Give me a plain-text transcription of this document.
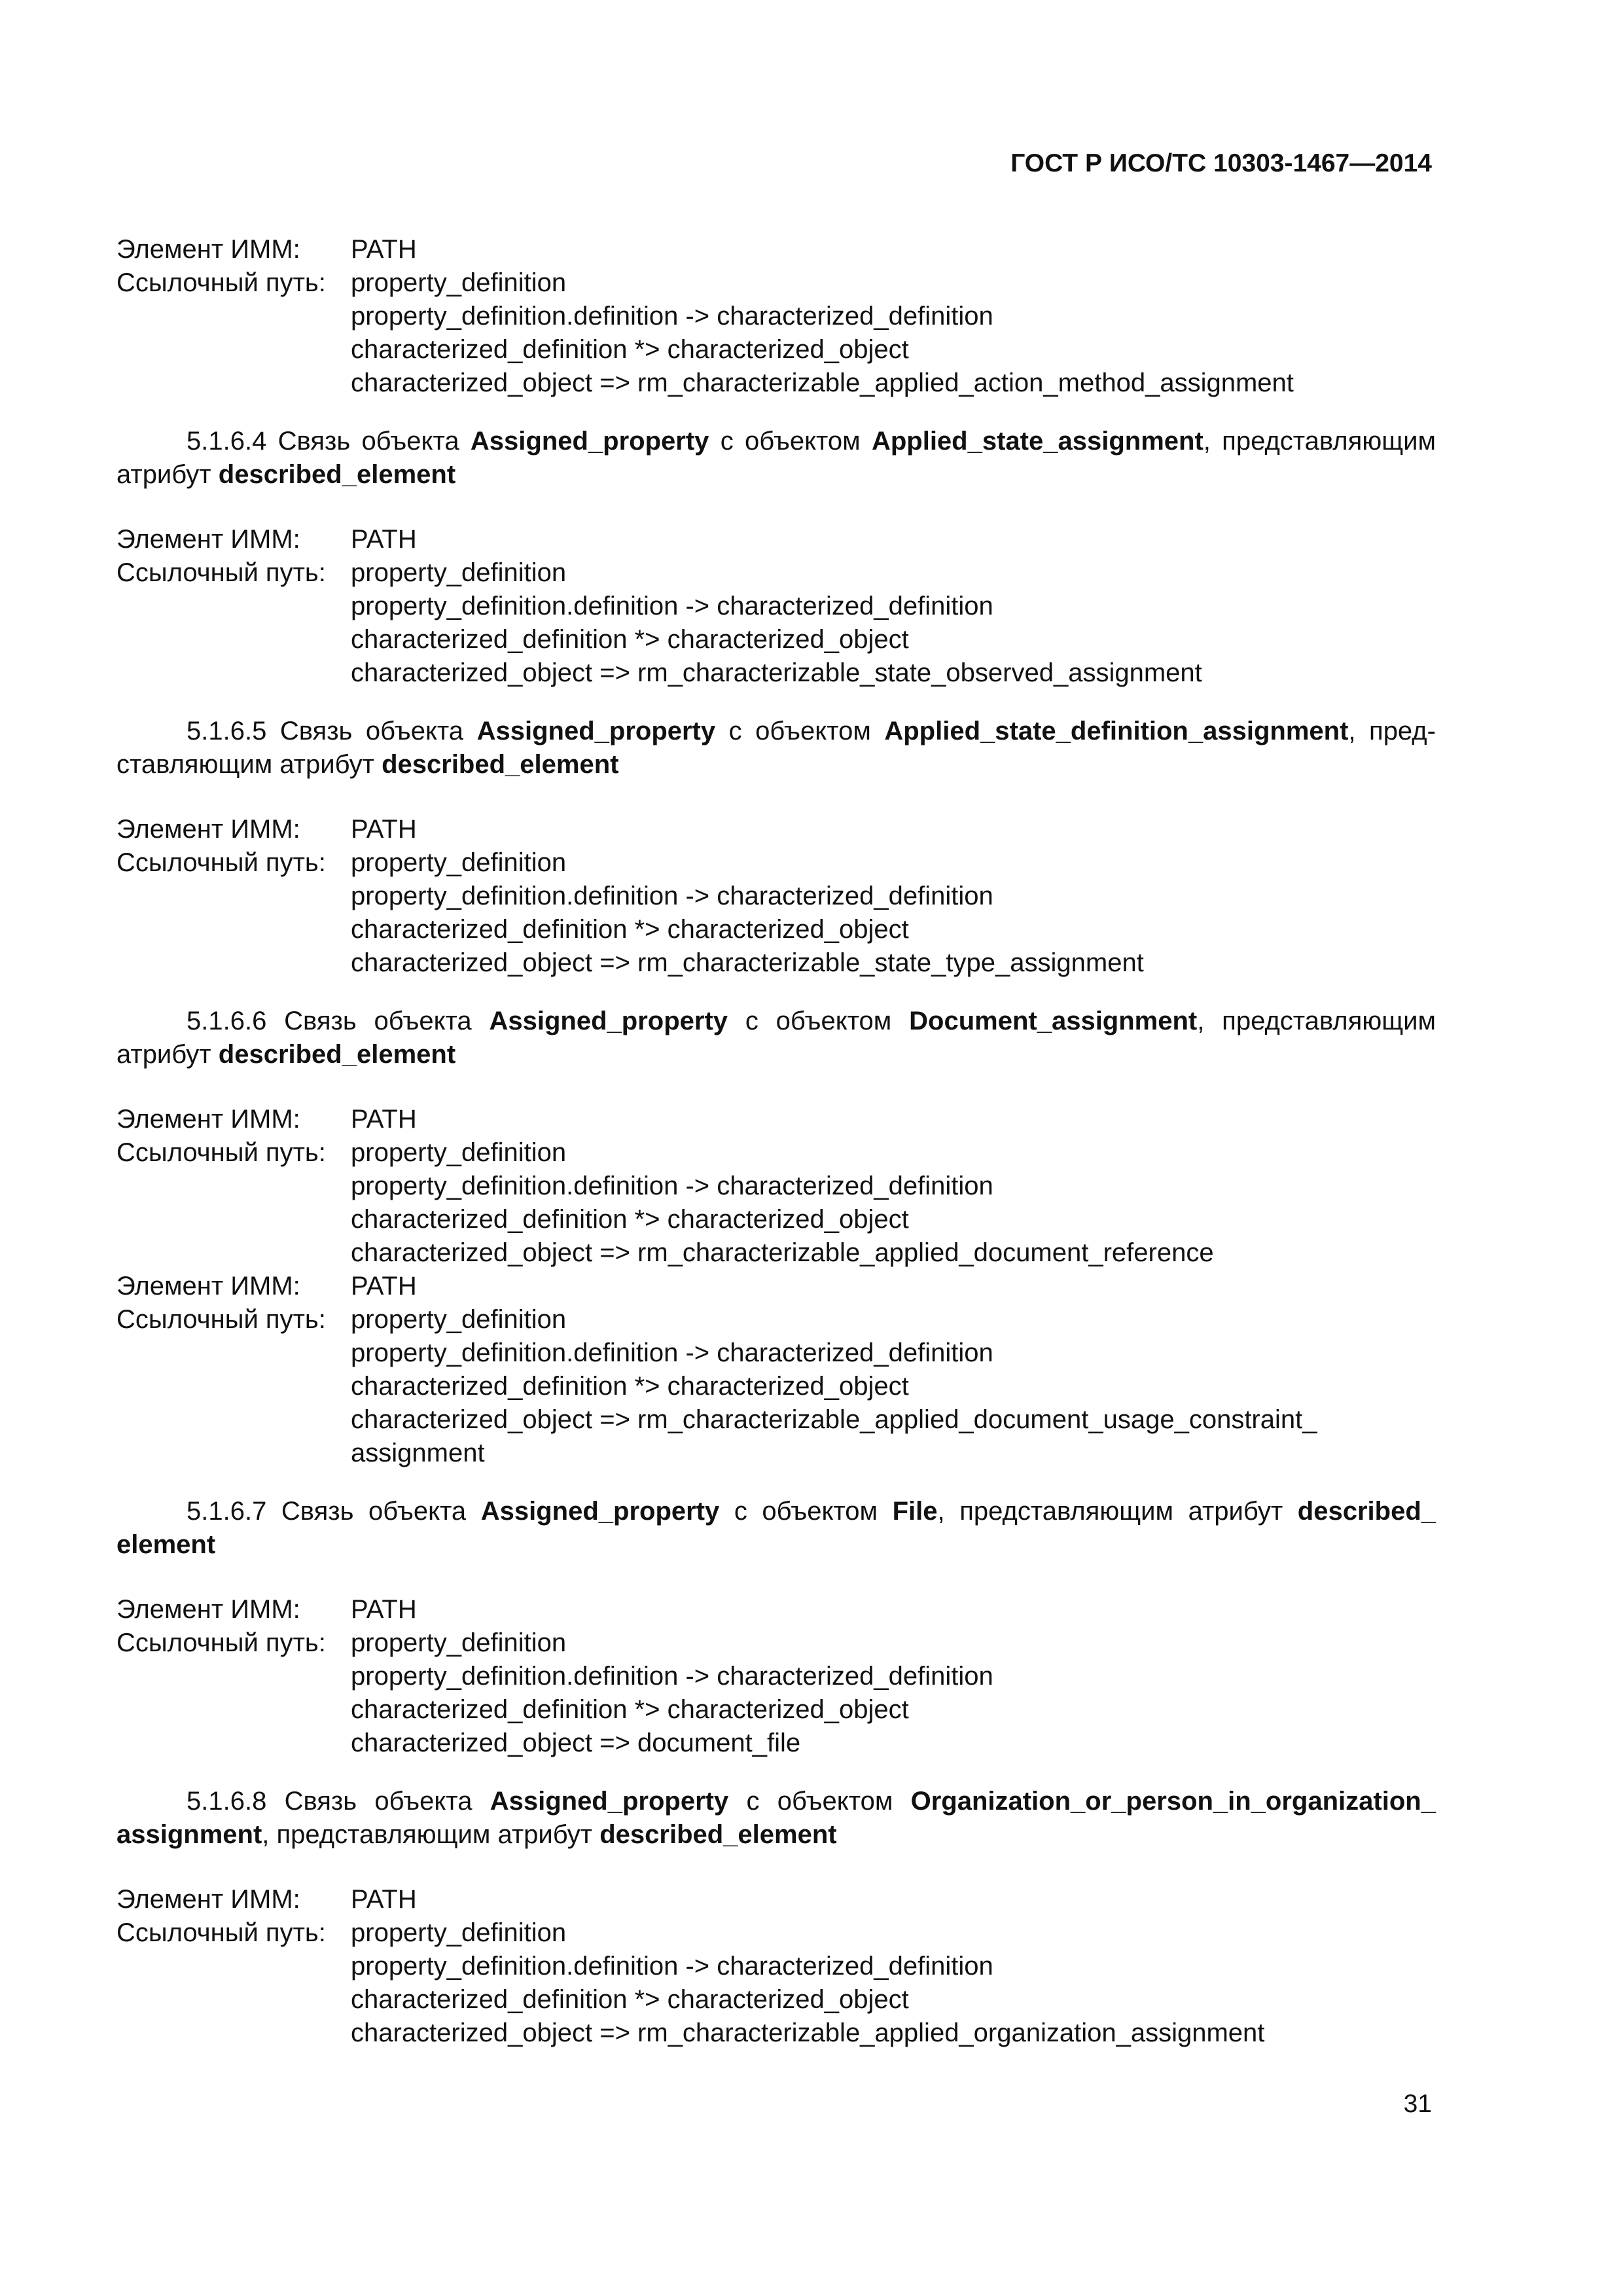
ГОСТ Р ИСО/ТС 10303-1467—2014
Элемент ИММ:	PATH
Ссылочный путь: property_definition
property_definition.definition -> characterized_definition
characterized_definition *> characterized_object
characterized_object => rm_characterizable_applied_action_method_assignment

5.1.6.4 Связь объекта Assigned_property с объектом Applied_state_assignment, представляющим атрибут described_element

Элемент ИММ:	PATH
Ссылочный путь: property_definition
property_definition.definition -> characterized_definition
characterized_definition *> characterized_object
characterized_object => rm_characterizable_state_observed_assignment

5.1.6.5 Связь объекта Assigned_property с объектом Applied_state_definition_assignment, представляющим атрибут described_element

Элемент ИММ:	PATH
Ссылочный путь: property_definition
property_definition.definition -> characterized_definition
characterized_definition *> characterized_object
characterized_object => rm_characterizable_state_type_assignment

5.1.6.6 Связь объекта Assigned_property с объектом Document_assignment, представляющим атрибут described_element

Элемент ИММ:	PATH
Ссылочный путь: property_definition
property_definition.definition -> characterized_definition
characterized_definition *> characterized_object
characterized_object => rm_characterizable_applied_document_reference
Элемент ИММ:	PATH
Ссылочный путь: property_definition
property_definition.definition -> characterized_definition
characterized_definition *> characterized_object
characterized_object => rm_characterizable_applied_document_usage_constraint_
assignment

5.1.6.7 Связь объекта Assigned_property с объектом File, представляющим атрибут described_ element

Элемент ИММ:	PATH
Ссылочный путь: property_definition
property_definition.definition -> characterized_definition
characterized_definition *> characterized_object
characterized_object => document_file

5.1.6.8 Связь объекта Assigned_property с объектом Organization_or_person_in_organization_ assignment, представляющим атрибут described_element

Элемент ИММ:	PATH
Ссылочный путь: property_definition
property_definition.definition -> characterized_definition
characterized_definition *> characterized_object
characterized_object => rm_characterizable_applied_organization_assignment
31
